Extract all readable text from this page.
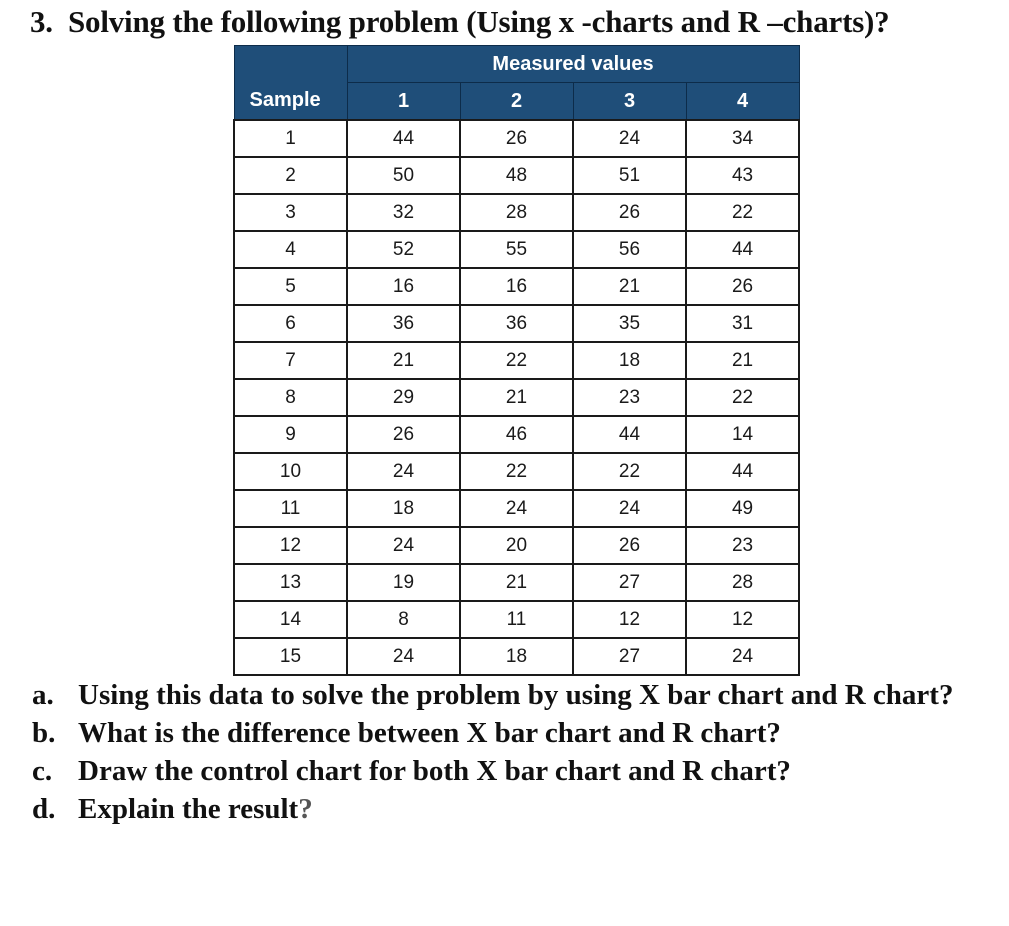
3. Solving the following problem (Using x -charts and R –charts)?
	Measured values			
Sample	1	2	3	4
1	44	26	24	34
2	50	48	51	43
3	32	28	26	22
4	52	55	56	44
5	16	16	21	26
6	36	36	35	31
7	21	22	18	21
8	29	21	23	22
9	26	46	44	14
10	24	22	22	44
11	18	24	24	49
12	24	20	26	23
13	19	21	27	28
14	8	11	12	12
15	24	18	27	24
a. Using this data to solve the problem by using X bar chart and R chart?
b. What is the difference between X bar chart and R chart?
c. Draw the control chart for both X bar chart and R chart?
d. Explain the result?
